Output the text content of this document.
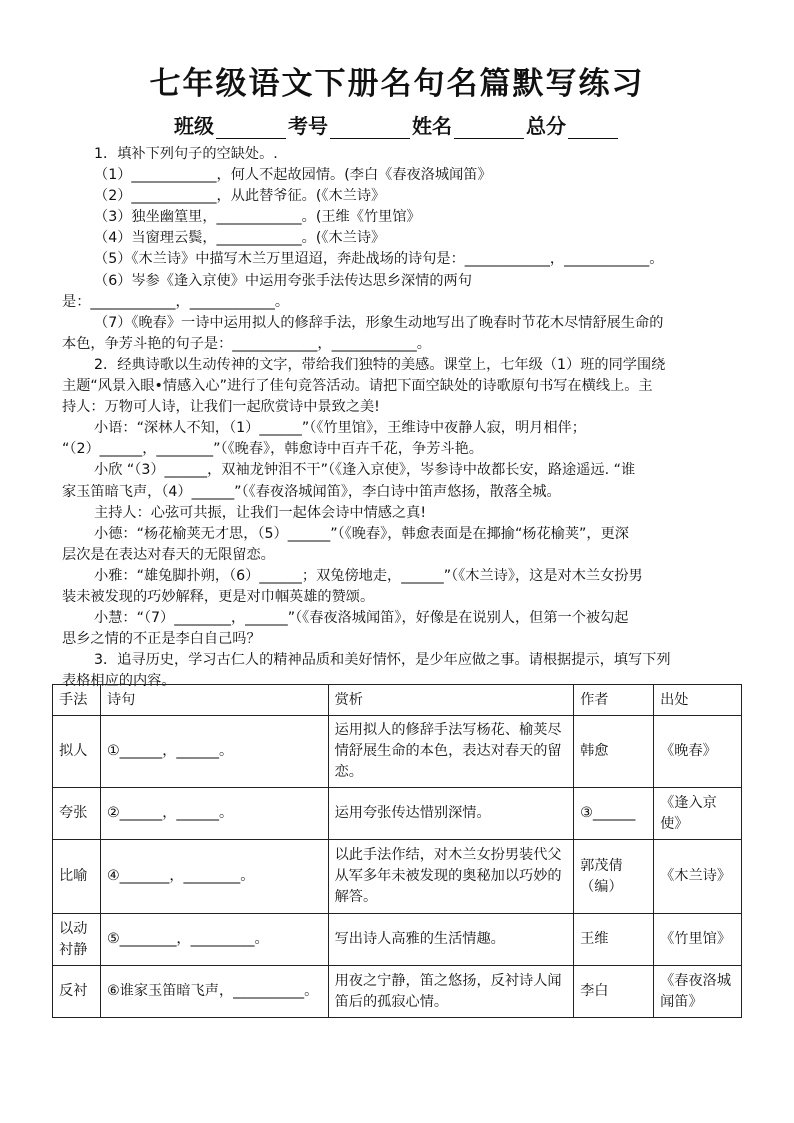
七年级语文下册名句名篇默写练习
班级	考号	姓名	总分
1．填补下列句子的空缺处。.
（1）____________，何人不起故园情。(李白《春夜洛城闻笛》
（2）____________，从此替爷征。(《木兰诗》
（3）独坐幽篁里，____________。(王维《竹里馆》
（4）当窗理云鬓，____________。(《木兰诗》
（5）《木兰诗》中描写木兰万里迢迢，奔赴战场的诗句是：____________，____________。
（6）岑参《逢入京使》中运用夸张手法传达思乡深情的两句
是：____________，____________。
（7）《晚春》一诗中运用拟人的修辞手法，形象生动地写出了晚春时节花木尽情舒展生命的
本色，争芳斗艳的句子是：____________，____________。
2．经典诗歌以生动传神的文字，带给我们独特的美感。课堂上，七年级（1）班的同学围绕
主题“风景入眼•情感入心”进行了佳句竞答活动。请把下面空缺处的诗歌原句书写在横线上。主
持人：万物可人诗，让我们一起欣赏诗中景致之美!
小语：“深林人不知，（1）______”（《竹里馆》，王维诗中夜静人寂，明月相伴；
“（2）______，________”（《晚春》，韩愈诗中百卉千花，争芳斗艳。
小欣 “（3）______，双袖龙钟泪不干”（《逢入京使》，岑参诗中故都长安，路途遥远. “谁
家玉笛暗飞声，（4）______”（《春夜洛城闻笛》，李白诗中笛声悠扬，散落全城。
主持人：心弦可共振，让我们一起体会诗中情感之真!
小德：“杨花榆荚无才思，（5）______”（《晚春》，韩愈表面是在揶揄“杨花榆荚”，更深
层次是在表达对春天的无限留恋。
小雅：“雄兔脚扑朔，（6）______；双兔傍地走，______”（《木兰诗》，这是对木兰女扮男
装未被发现的巧妙解释，更是对巾帼英雄的赞颂。
小慧：“（7）________，______”（《春夜洛城闻笛》，好像是在说别人，但第一个被勾起
思乡之情的不正是李白自己吗？
3．追寻历史，学习古仁人的精神品质和美好情怀，是少年应做之事。请根据提示，填写下列
表格相应的内容。
手法	诗句	赏析	作者	出处
拟人	①______，______。	运用拟人的修辞手法写杨花、榆荚尽情舒展生命的本色，表达对春天的留恋。	韩愈	《晚春》
夸张	②______，______。	运用夸张传达惜别深情。	③______	《逢入京使》
比喻	④_______，________。	以此手法作结，对木兰女扮男装代父从军多年未被发现的奥秘加以巧妙的解答。	郭茂倩（编）	《木兰诗》
以动衬静	⑤________，_________。	写出诗人高雅的生活情趣。	王维	《竹里馆》
反衬	⑥谁家玉笛暗飞声，__________。	用夜之宁静，笛之悠扬，反衬诗人闻笛后的孤寂心情。	李白	《春夜洛城闻笛》
